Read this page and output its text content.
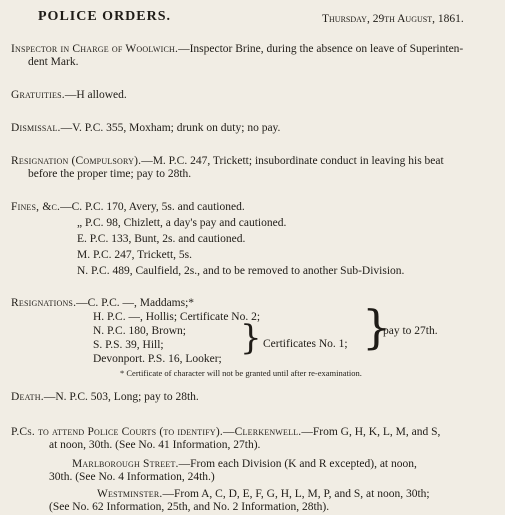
POLICE ORDERS.	Thursday, 29th August, 1861.
Inspector in Charge of Woolwich.—Inspector Brine, during the absence on leave of Superinten-
dent Mark.
Gratuities.—H allowed.
Dismissal.—V. P.C. 355, Moxham; drunk on duty; no pay.
Resignation (Compulsory).—M. P.C. 247, Trickett; insubordinate conduct in leaving his beat
before the proper time; pay to 28th.
Fines, &c.—C. P.C. 170, Avery, 5s. and cautioned.
„ P.C. 98, Chizlett, a day's pay and cautioned.
E. P.C. 133, Bunt, 2s. and cautioned.
M. P.C. 247, Trickett, 5s.
N. P.C. 489, Caulfield, 2s., and to be removed to another Sub-Division.
Resignations.—C. P.C. —, Maddams;*
H. P.C. —, Hollis; Certificate No. 2;
N. P.C. 180, Brown;
S. P.S. 39, Hill;
Devonport. P.S. 16, Looker;
} Certificates No. 1; }
pay to 27th.
* Certificate of character will not be granted until after re-examination.
Death.—N. P.C. 503, Long; pay to 28th.
P.Cs. to attend Police Courts (to identify).—Clerkenwell.—From G, H, K, L, M, and S,
at noon, 30th. (See No. 41 Information, 27th).
Marlborough Street.—From each Division (K and R excepted), at noon,
30th. (See No. 4 Information, 24th.)
Westminster.—From A, C, D, E, F, G, H, L, M, P, and S, at noon, 30th;
(See No. 62 Information, 25th, and No. 2 Information, 28th).
